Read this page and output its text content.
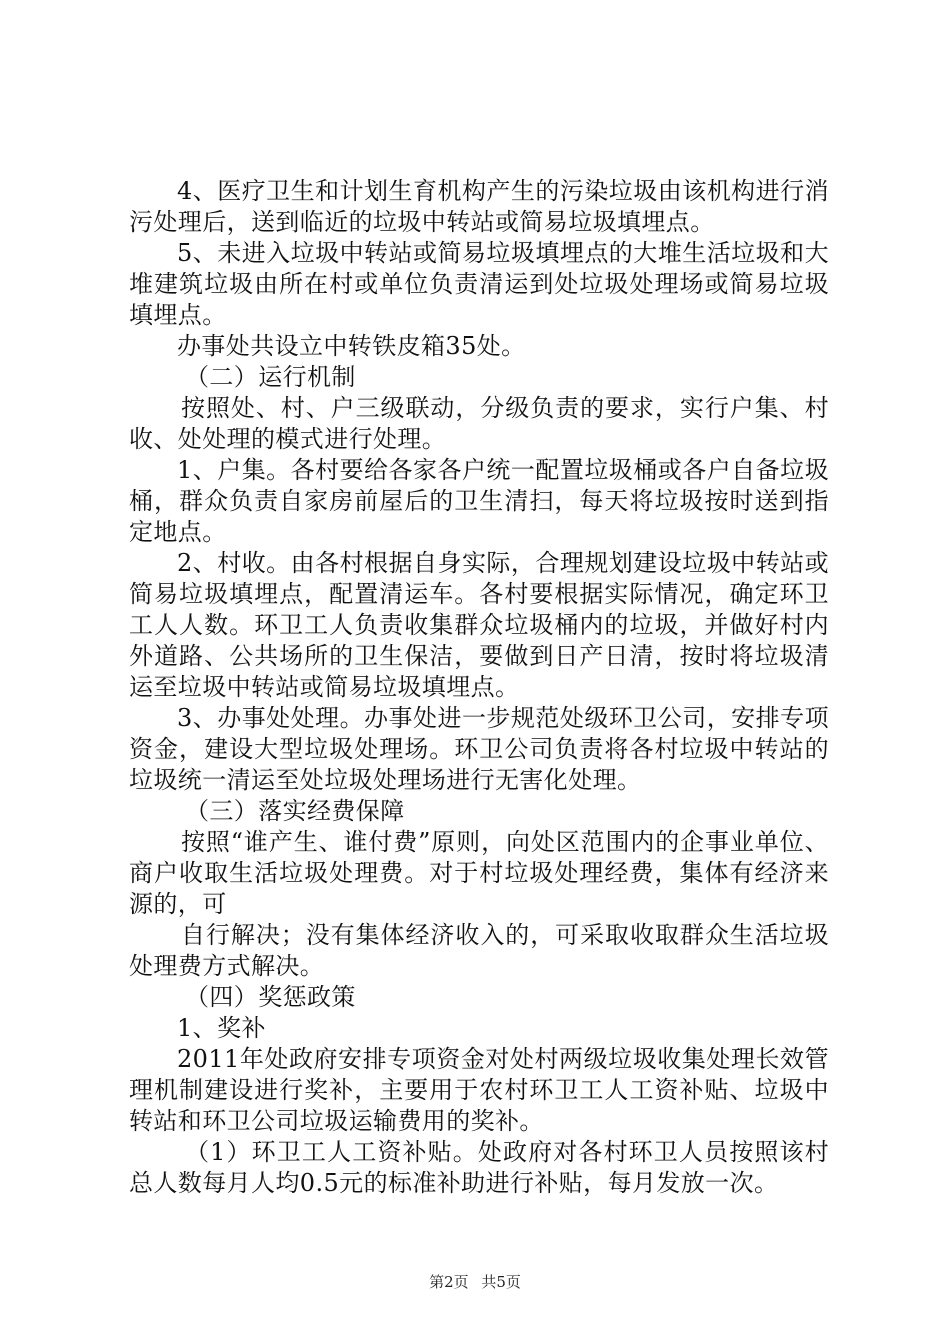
4、医疗卫生和计划生育机构产生的污染垃圾由该机构进行消污处理后，送到临近的垃圾中转站或简易垃圾填埋点。

5、未进入垃圾中转站或简易垃圾填埋点的大堆生活垃圾和大堆建筑垃圾由所在村或单位负责清运到处垃圾处理场或简易垃圾填埋点。

办事处共设立中转铁皮箱35处。

（二）运行机制

按照处、村、户三级联动，分级负责的要求，实行户集、村收、处处理的模式进行处理。

1、户集。各村要给各家各户统一配置垃圾桶或各户自备垃圾桶，群众负责自家房前屋后的卫生清扫，每天将垃圾按时送到指定地点。

2、村收。由各村根据自身实际，合理规划建设垃圾中转站或简易垃圾填埋点，配置清运车。各村要根据实际情况，确定环卫工人人数。环卫工人负责收集群众垃圾桶内的垃圾，并做好村内外道路、公共场所的卫生保洁，要做到日产日清，按时将垃圾清运至垃圾中转站或简易垃圾填埋点。

3、办事处处理。办事处进一步规范处级环卫公司，安排专项资金，建设大型垃圾处理场。环卫公司负责将各村垃圾中转站的垃圾统一清运至处垃圾处理场进行无害化处理。

（三）落实经费保障

按照“谁产生、谁付费”原则，向处区范围内的企事业单位、商户收取生活垃圾处理费。对于村垃圾处理经费，集体有经济来源的，可

自行解决；没有集体经济收入的，可采取收取群众生活垃圾处理费方式解决。

（四）奖惩政策

1、奖补

2011年处政府安排专项资金对处村两级垃圾收集处理长效管理机制建设进行奖补，主要用于农村环卫工人工资补贴、垃圾中转站和环卫公司垃圾运输费用的奖补。

（1）环卫工人工资补贴。处政府对各村环卫人员按照该村总人数每月人均0.5元的标准补助进行补贴，每月发放一次。

第2页 共5页
